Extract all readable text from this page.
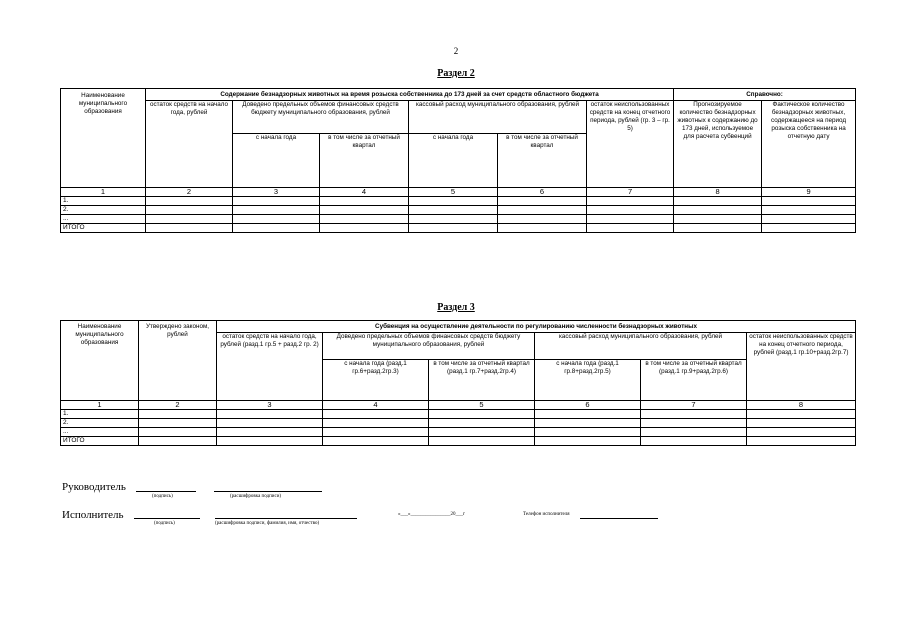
2
Раздел 2
Наименование муниципального образования	Содержание безнадзорных животных на время розыска собственника до 173 дней за счет средств областного бюджета						Справочно:	
	остаток средств на начало года, рублей	Доведено предельных объемов финансовых средств бюджету муниципального образования, рублей		кассовый расход муниципального образования, рублей		остаток неиспользованных средств на конец отчетного периода, рублей (гр. 3 – гр. 5)	Прогнозируемое количество безнадзорных животных к содержанию до 173 дней, используемое для расчета субвенций	Фактическое количество безнадзорных животных, содержащееся на период розыска собственника на отчетную дату
		с начала года	в том числе за отчетный квартал	с начала года	в том числе за отчетный квартал			
1	2	3	4	5	6	7	8	9
1.								
2.								
...								
ИТОГО								
Раздел 3
Наименование муниципального образования	Утверждено законом, рублей	Субвенция на осуществление деятельности по регулированию численности безнадзорных животных					
		остаток средств на начало года, рублей (разд.1 гр.5 + разд.2 гр. 2)	Доведено предельных объемов финансовых средств бюджету муниципального образования, рублей		кассовый расход муниципального образования, рублей		остаток неиспользованных средств на конец отчетного периода, рублей (разд.1 гр.10+разд.2гр.7)
			с начала года (разд.1 гр.6+разд.2гр.3)	в том числе за отчетный квартал (разд.1 гр.7+разд.2гр.4)	с начала года (разд.1 гр.8+разд.2гр.5)	в том числе за отчетный квартал (разд.1 гр.9+разд.2гр.6)	
1	2	3	4	5	6	7	8
1.							
2.							
...							
ИТОГО							
Руководитель
(подпись)	(расшифровка подписи)
Исполнитель
(подпись)	(расшифровка подписи, фамилия, имя, отчество)
«___»________________20___г	Телефон исполнителя
